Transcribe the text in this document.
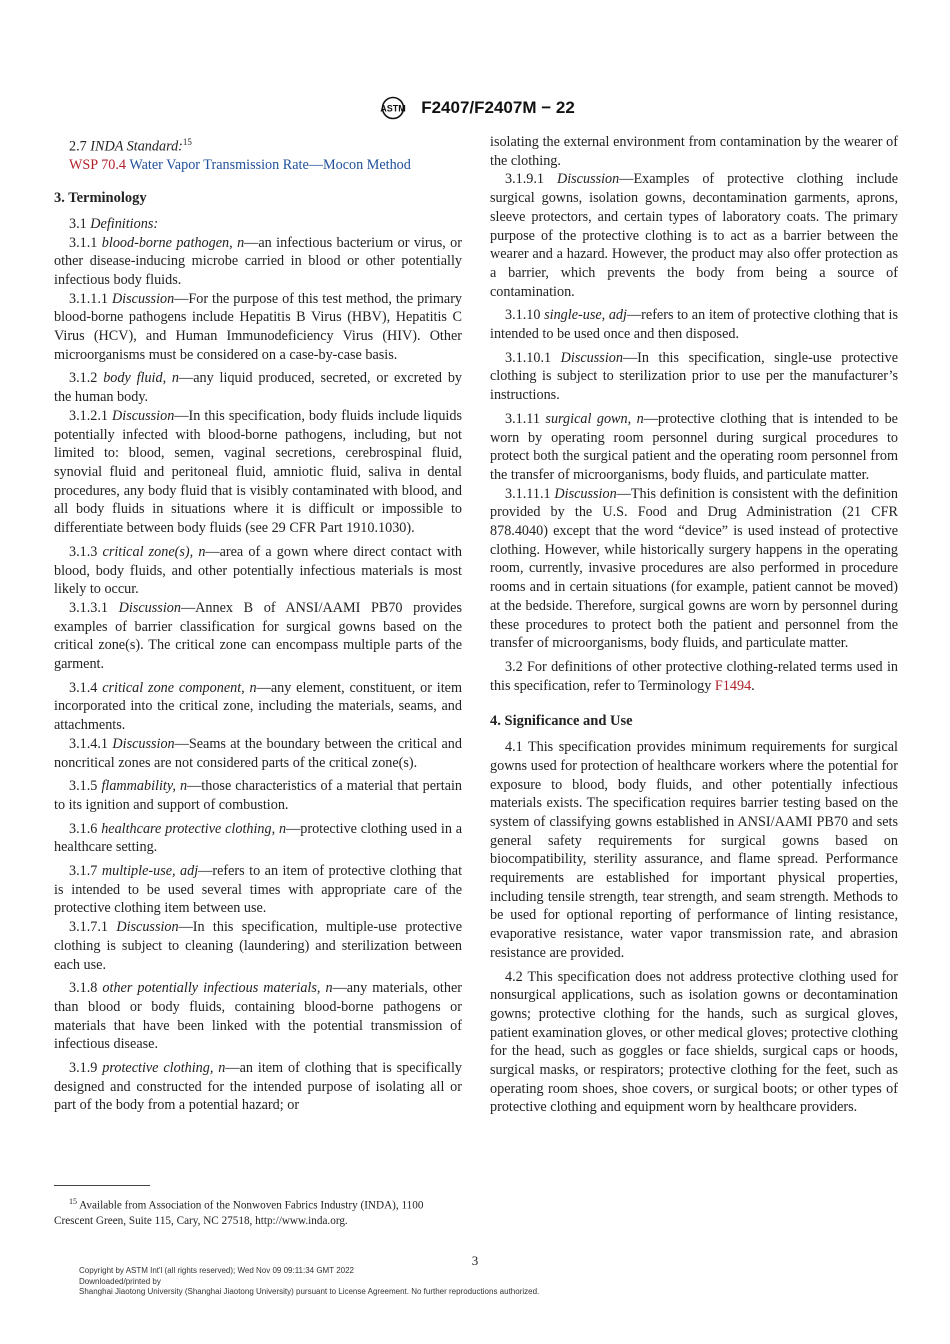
ASTM F2407/F2407M − 22

2.7 INDA Standard:$^{15}$

WSP 70.4 Water Vapor Transmission Rate—Mocon Method

3. Terminology

3.1 Definitions:

3.1.1 blood-borne pathogen, n—an infectious bacterium or virus, or other disease-inducing microbe carried in blood or other potentially infectious body fluids.

3.1.1.1 Discussion—For the purpose of this test method, the primary blood-borne pathogens include Hepatitis B Virus (HBV), Hepatitis C Virus (HCV), and Human Immunodeficiency Virus (HIV). Other microorganisms must be considered on a case-by-case basis.

3.1.2 body fluid, n—any liquid produced, secreted, or excreted by the human body.

3.1.2.1 Discussion—In this specification, body fluids include liquids potentially infected with blood-borne pathogens, including, but not limited to: blood, semen, vaginal secretions, cerebrospinal fluid, synovial fluid and peritoneal fluid, amniotic fluid, saliva in dental procedures, any body fluid that is visibly contaminated with blood, and all body fluids in situations where it is difficult or impossible to differentiate between body fluids (see 29 CFR Part 1910.1030).

3.1.3 critical zone(s), n—area of a gown where direct contact with blood, body fluids, and other potentially infectious materials is most likely to occur.

3.1.3.1 Discussion—Annex B of ANSI/AAMI PB70 provides examples of barrier classification for surgical gowns based on the critical zone(s). The critical zone can encompass multiple parts of the garment.

3.1.4 critical zone component, n—any element, constituent, or item incorporated into the critical zone, including the materials, seams, and attachments.

3.1.4.1 Discussion—Seams at the boundary between the critical and noncritical zones are not considered parts of the critical zone(s).

3.1.5 flammability, n—those characteristics of a material that pertain to its ignition and support of combustion.

3.1.6 healthcare protective clothing, n—protective clothing used in a healthcare setting.

3.1.7 multiple-use, adj—refers to an item of protective clothing that is intended to be used several times with appropriate care of the protective clothing item between use.

3.1.7.1 Discussion—In this specification, multiple-use protective clothing is subject to cleaning (laundering) and sterilization between each use.

3.1.8 other potentially infectious materials, n—any materials, other than blood or body fluids, containing blood-borne pathogens or materials that have been linked with the potential transmission of infectious disease.

3.1.9 protective clothing, n—an item of clothing that is specifically designed and constructed for the intended purpose of isolating all or part of the body from a potential hazard; or

isolating the external environment from contamination by the wearer of the clothing.

3.1.9.1 Discussion—Examples of protective clothing include surgical gowns, isolation gowns, decontamination garments, aprons, sleeve protectors, and certain types of laboratory coats. The primary purpose of the protective clothing is to act as a barrier between the wearer and a hazard. However, the product may also offer protection as a barrier, which prevents the body from being a source of contamination.

3.1.10 single-use, adj—refers to an item of protective clothing that is intended to be used once and then disposed.

3.1.10.1 Discussion—In this specification, single-use protective clothing is subject to sterilization prior to use per the manufacturer’s instructions.

3.1.11 surgical gown, n—protective clothing that is intended to be worn by operating room personnel during surgical procedures to protect both the surgical patient and the operating room personnel from the transfer of microorganisms, body fluids, and particulate matter.

3.1.11.1 Discussion—This definition is consistent with the definition provided by the U.S. Food and Drug Administration (21 CFR 878.4040) except that the word “device” is used instead of protective clothing. However, while historically surgery happens in the operating room, currently, invasive procedures are also performed in procedure rooms and in certain situations (for example, patient cannot be moved) at the bedside. Therefore, surgical gowns are worn by personnel during these procedures to protect both the patient and personnel from the transfer of microorganisms, body fluids, and particulate matter.

3.2 For definitions of other protective clothing-related terms used in this specification, refer to Terminology F1494.

4. Significance and Use

4.1 This specification provides minimum requirements for surgical gowns used for protection of healthcare workers where the potential for exposure to blood, body fluids, and other potentially infectious materials exists. The specification requires barrier testing based on the system of classifying gowns established in ANSI/AAMI PB70 and sets general safety requirements for surgical gowns based on biocompatibility, sterility assurance, and flame spread. Performance requirements are established for important physical properties, including tensile strength, tear strength, and seam strength. Methods to be used for optional reporting of performance of linting resistance, evaporative resistance, water vapor transmission rate, and abrasion resistance are provided.

4.2 This specification does not address protective clothing used for nonsurgical applications, such as isolation gowns or decontamination gowns; protective clothing for the hands, such as surgical gloves, patient examination gloves, or other medical gloves; protective clothing for the head, such as goggles or face shields, surgical caps or hoods, surgical masks, or respirators; protective clothing for the feet, such as operating room shoes, shoe covers, or surgical boots; or other types of protective clothing and equipment worn by healthcare providers.

$^{15}$ Available from Association of the Nonwoven Fabrics Industry (INDA), 1100 Crescent Green, Suite 115, Cary, NC 27518, http://www.inda.org.
3
Copyright by ASTM Int'l (all rights reserved); Wed Nov 09 09:11:34 GMT 2022
Downloaded/printed by
Shanghai Jiaotong University (Shanghai Jiaotong University) pursuant to License Agreement. No further reproductions authorized.
